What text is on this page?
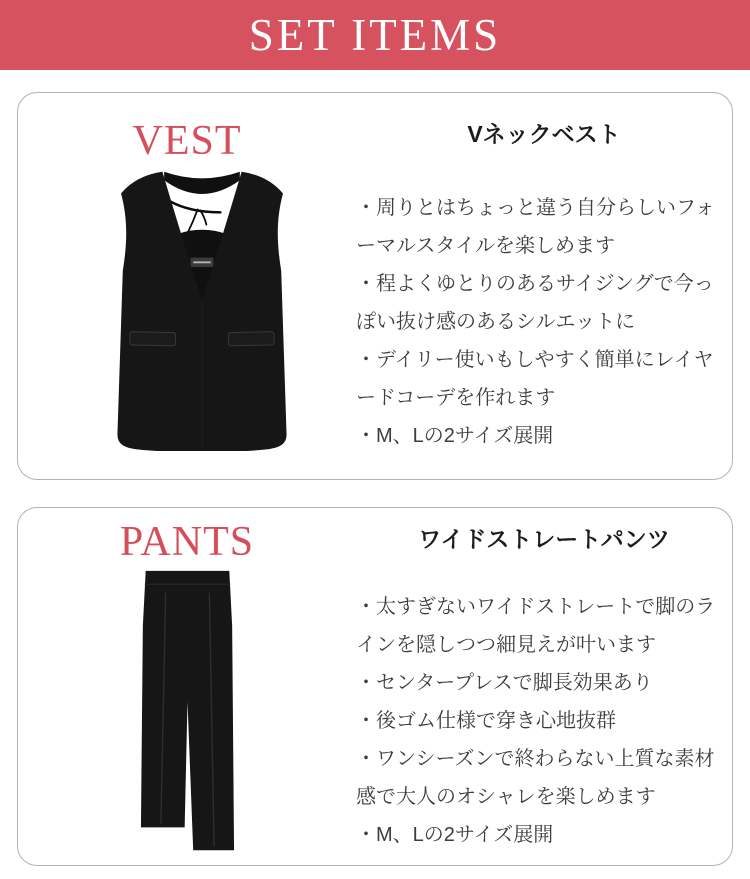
SET ITEMS
VEST	Vネックベスト

・周りとはちょっと違う自分らしいフォーマルスタイルを楽しめます

・程よくゆとりのあるサイジングで今っぽい抜け感のあるシルエットに

・デイリー使いもしやすく簡単にレイヤードコーデを作れます

・M、Lの2サイズ展開

PANTS	ワイドストレートパンツ

・太すぎないワイドストレートで脚のラインを隠しつつ細見えが叶います

・センタープレスで脚長効果あり

・後ゴム仕様で穿き心地抜群

・ワンシーズンで終わらない上質な素材感で大人のオシャレを楽しめます

・M、Lの2サイズ展開
